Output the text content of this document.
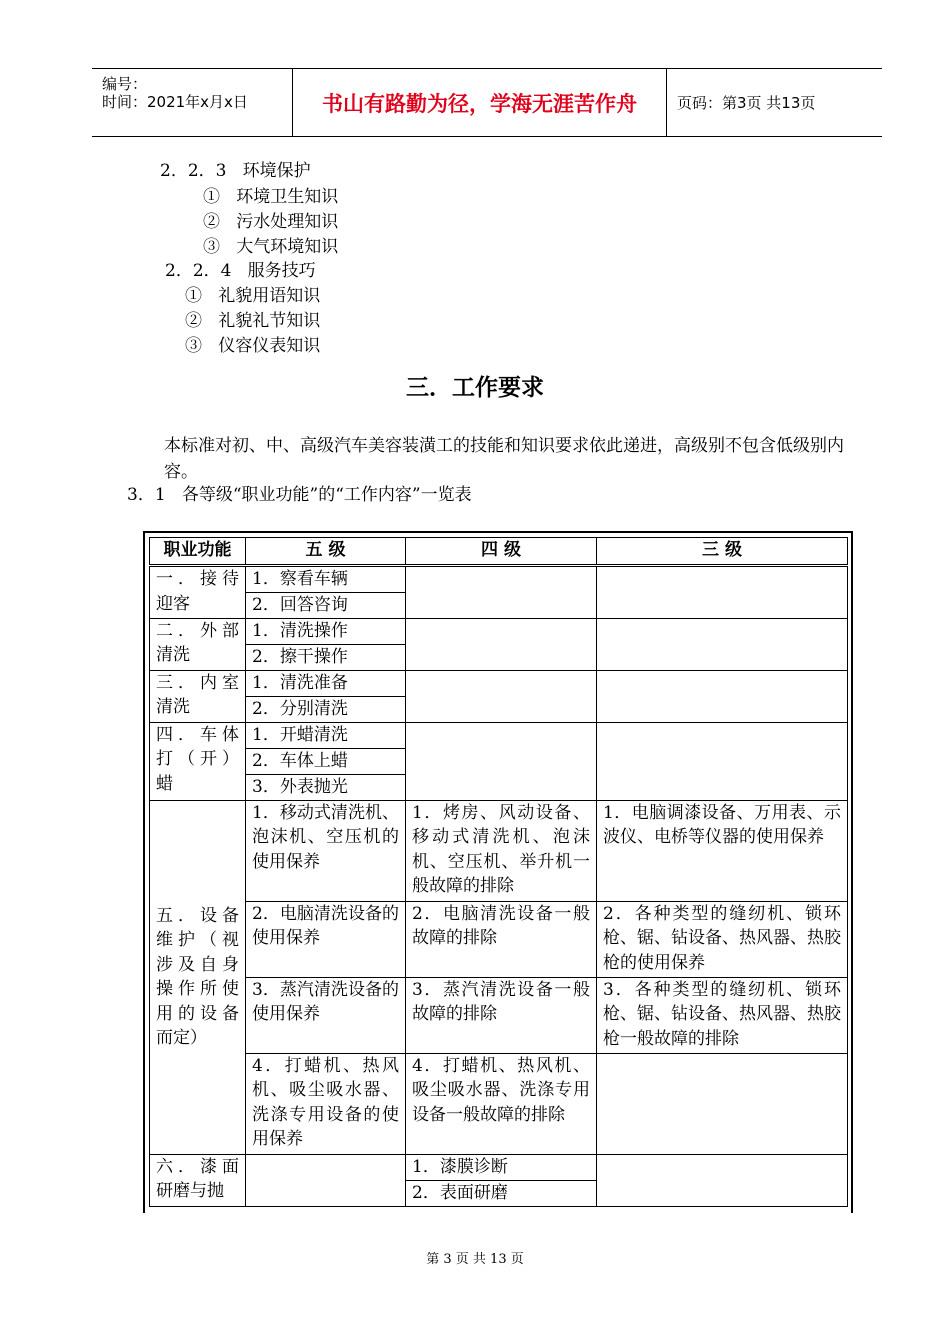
编号：
时间：2021年x月x日	书山有路勤为径，学海无涯苦作舟	页码：第3页 共13页
2．2．3   环境保护
①   环境卫生知识
②   污水处理知识
③   大气环境知识
2．2．4   服务技巧
①   礼貌用语知识
②   礼貌礼节知识
③   仪容仪表知识
三．工作要求
本标准对初、中、高级汽车美容装潢工的技能和知识要求依此递进，高级别不包含低级别内容。
3．1   各等级“职业功能”的“工作内容”一览表
职业功能	五 级	四 级	三 级
一．接待迎客	1．察看车辆		
	2．回答咨询		
二．外部清洗	1．清洗操作		
	2．擦干操作		
三．内室清洗	1．清洗准备		
	2．分别清洗		
四．车体打（开）蜡	1．开蜡清洗		
	2．车体上蜡		
	3．外表抛光		
五．设备维护（视涉及自身操作所使用的设备而定）	1．移动式清洗机、泡沫机、空压机的使用保养	1．烤房、风动设备、移动式清洗机、泡沫机、空压机、举升机一般故障的排除	1．电脑调漆设备、万用表、示波仪、电桥等仪器的使用保养
	2．电脑清洗设备的使用保养	2．电脑清洗设备一般故障的排除	2．各种类型的缝纫机、锁环枪、锯、钻设备、热风器、热胶枪的使用保养
	3．蒸汽清洗设备的使用保养	3．蒸汽清洗设备一般故障的排除	3．各种类型的缝纫机、锁环枪、锯、钻设备、热风器、热胶枪一般故障的排除
	4．打蜡机、热风机、吸尘吸水器、洗涤专用设备的使用保养	4．打蜡机、热风机、吸尘吸水器、洗涤专用设备一般故障的排除	
六．漆面研磨与抛		1．漆膜诊断	
		2．表面研磨	
第 3 页 共 13 页
